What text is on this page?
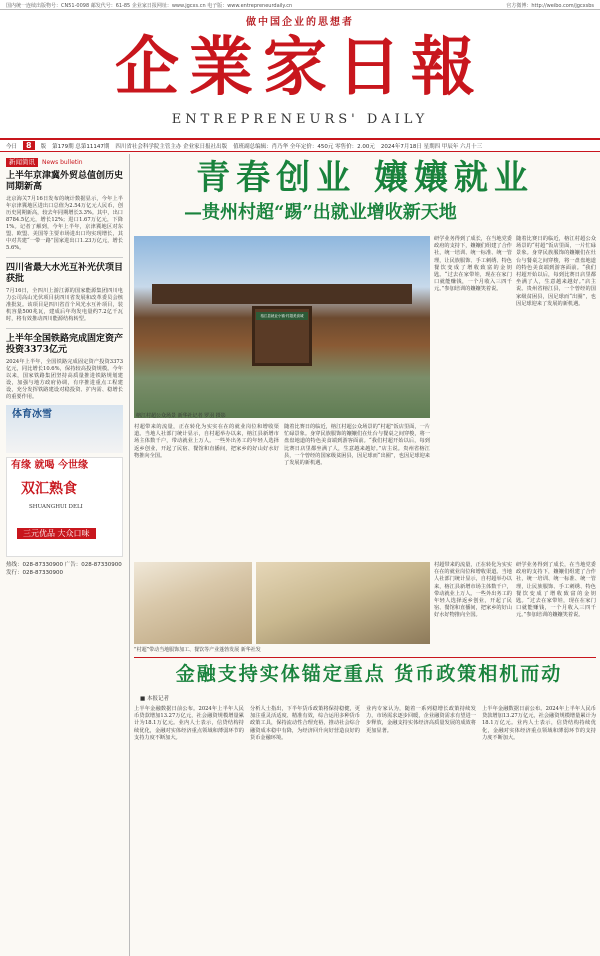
国内统一连续出版物号：CN51-0098 邮发代号：61-85 企业家日报网址：www.jgcxs.cn 电子版：www.entrepreneurdaily.cn	官方微博：http://weibo.com/jgcxsbs
做中国企业的思想者
企業家日報
ENTREPRENEURS' DAILY
今日	8	版 第179期 总第11147期 四川省社会科学院主管主办 企业家日报社出版 值班副总编辑：肖乃华 全年定价：450元 零售价：2.00元 2024年7月18日 星期四 甲辰年 六月十三
新闻简讯	News bulletin
上半年京津冀外贸总值创历史同期新高
北京海关7月16日发布的统计数据显示，今年上半年京津冀地区进出口总值为2.54万亿元人民币，创历史同期新高，较去年同期增长3.3%。其中，出口8784.5亿元，增长12%；进口1.67万亿元，下降1%。记者了解到，今年上半年，京津冀地区对东盟、欧盟、美国等主要市场进出口均实现增长，其中对共建“一带一路”国家进出口1.23万亿元，增长5.6%。
四川省最大水光互补光伏项目获批
7月16日，全四川上游江源的国家能源集团四川电力公司高山光伏项目获四川省发展和改革委员会核准批复。该项目是四川省首个风光水互补项目，装机容量500兆瓦，建成后年均发电量约7.2亿千瓦时，将有效推动四川能源结构转型。
上半年全国铁路完成固定资产投资3373亿元
2024年上半年，全国铁路完成固定资产投资3373亿元，同比增长10.6%，保持较高投资规模。今年以来，国家铁路集团坚持高质量推进铁路规划建设，加强与地方政府协调，有序推进重点工程建设，充分发挥铁路建设对稳投资、扩内需、稳增长的重要作用。
体育冰雪
有缘 就喝 今世缘
双汇熟食
SHUANGHUI DELI
三元优品 大众口味
热线：028-87330900 广告：028-87330900 发行：028-87330900
青春创业 孃孃就业
—贵州村超“踢”出就业增收新天地
榕江县就业小镇·村超美食城
榕江村超公众场景 新华社记者 罗羽 摄影
研学业务得到了成长，在当地党委政府的支持下，孃孃们组建了合作社，统一培训、统一标准、统一管理，让民族服饰、手工刺绣、特色餐饮变成了增收致富的金钥匙。“过去在家带娃，现在在家门口就能赚钱，一个月收入三四千元。”参加培训的孃孃笑着说。
随着比赛日的临近，榕江村超公众场景的“村超”饭店里面，一片忙碌景象。身穿民族服饰的孃孃们在灶台与餐桌之间穿梭，将一盘盘地道的特色美食端到游客面前。“我们村超开始以后，每到比赛日店里都坐满了人，生意越来越好。”店主说。贵州省榕江县，一个曾经的国家级贫困县，因足球而“出圈”，也因足球迎来了发展的新机遇。
村超带来的流量，正在转化为实实在在的就业岗位和增收渠道。当地人社部门统计显示，自村超举办以来，榕江县新增市场主体数千户，带动就业上万人。一些外出务工的年轻人选择返乡创业，开起了民宿、餐馆和直播间，把家乡的好山好水好物推向全国。
随着比赛日的临近，榕江村超公众场景的“村超”饭店里面，一片忙碌景象。身穿民族服饰的孃孃们在灶台与餐桌之间穿梭，将一盘盘地道的特色美食端到游客面前。“我们村超开始以后，每到比赛日店里都坐满了人，生意越来越好。”店主说。贵州省榕江县，一个曾经的国家级贫困县，因足球而“出圈”，也因足球迎来了发展的新机遇。
“村超”带动当地服饰加工、餐饮等产业蓬勃发展 新华社发
村超带来的流量，正在转化为实实在在的就业岗位和增收渠道。当地人社部门统计显示，自村超举办以来，榕江县新增市场主体数千户，带动就业上万人。一些外出务工的年轻人选择返乡创业，开起了民宿、餐馆和直播间，把家乡的好山好水好物推向全国。
研学业务得到了成长，在当地党委政府的支持下，孃孃们组建了合作社，统一培训、统一标准、统一管理，让民族服饰、手工刺绣、特色餐饮变成了增收致富的金钥匙。“过去在家带娃，现在在家门口就能赚钱，一个月收入三四千元。”参加培训的孃孃笑着说。
金融支持实体锚定重点 货币政策相机而动
■ 本报记者
上半年金融数据日前公布。2024年上半年人民币贷款增加13.27万亿元，社会融资规模增量累计为18.1万亿元。业内人士表示，信贷结构持续优化，金融对实体经济重点领域和薄弱环节的支持力度不断加大。
分析人士指出，下半年货币政策将保持稳健，更加注重灵活适度、精准有效，综合运用多种货币政策工具，保持流动性合理充裕，推动社会综合融资成本稳中有降，为经济回升向好营造良好的货币金融环境。
业内专家认为，随着一系列稳增长政策持续发力，市场需求逐步回暖，企业融资需求有望进一步释放，金融支持实体经济高质量发展的成效将更加显著。
上半年金融数据日前公布。2024年上半年人民币贷款增加13.27万亿元，社会融资规模增量累计为18.1万亿元。业内人士表示，信贷结构持续优化，金融对实体经济重点领域和薄弱环节的支持力度不断加大。
